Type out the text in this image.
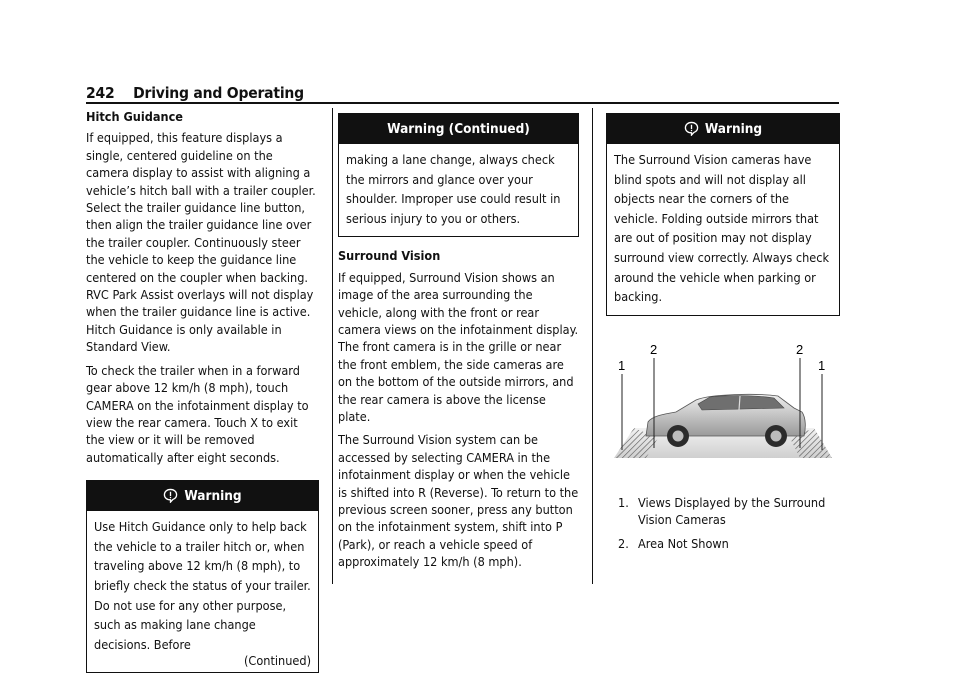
242 Driving and Operating

Hitch Guidance

If equipped, this feature displays a single, centered guideline on the camera display to assist with aligning a vehicle’s hitch ball with a trailer coupler. Select the trailer guidance line button, then align the trailer guidance line over the trailer coupler. Continuously steer the vehicle to keep the guidance line centered on the coupler when backing. RVC Park Assist overlays will not display when the trailer guidance line is active. Hitch Guidance is only available in Standard View.

To check the trailer when in a forward gear above 12 km/h (8 mph), touch CAMERA on the infotainment display to view the rear camera. Touch X to exit the view or it will be removed automatically after eight seconds.

Warning
Use Hitch Guidance only to help back the vehicle to a trailer hitch or, when traveling above 12 km/h (8 mph), to briefly check the status of your trailer. Do not use for any other purpose, such as making lane change decisions. Before
(Continued)
Warning (Continued)
making a lane change, always check the mirrors and glance over your shoulder. Improper use could result in serious injury to you or others.

Surround Vision

If equipped, Surround Vision shows an image of the area surrounding the vehicle, along with the front or rear camera views on the infotainment display. The front camera is in the grille or near the front emblem, the side cameras are on the bottom of the outside mirrors, and the rear camera is above the license plate.

The Surround Vision system can be accessed by selecting CAMERA in the infotainment display or when the vehicle is shifted into R (Reverse). To return to the previous screen sooner, press any button on the infotainment system, shift into P (Park), or reach a vehicle speed of approximately 12 km/h (8 mph).

Warning
The Surround Vision cameras have blind spots and will not display all objects near the corners of the vehicle. Folding outside mirrors that are out of position may not display surround view correctly. Always check around the vehicle when parking or backing.
1
2	2
1
1. Views Displayed by the Surround Vision Cameras
2. Area Not Shown
